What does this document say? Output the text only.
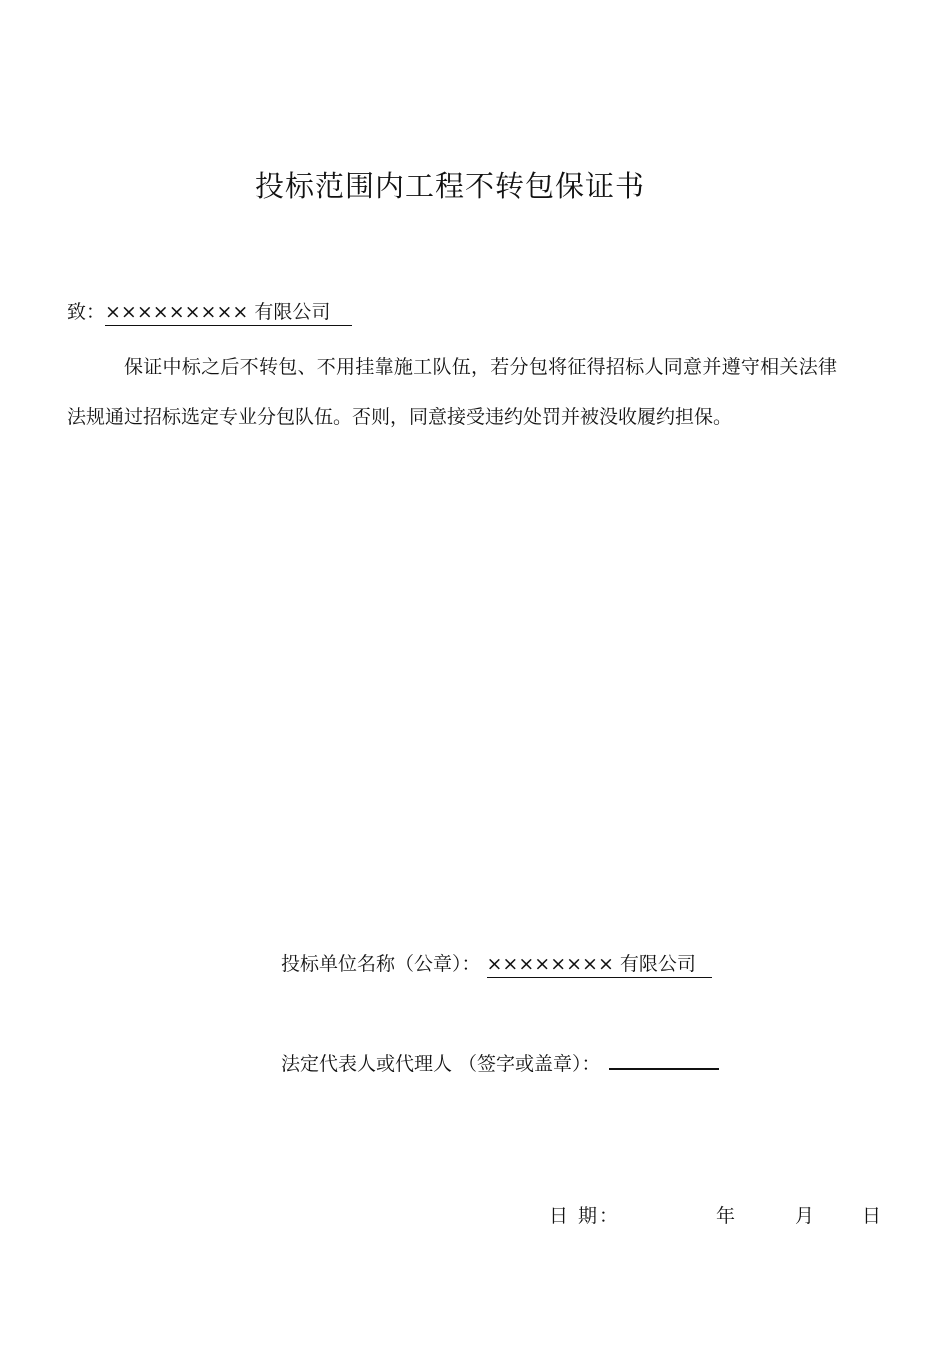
投标范围内工程不转包保证书
致：××××××××× 有限公司
保证中标之后不转包、不用挂靠施工队伍，若分包将征得招标人同意并遵守相关法律法规通过招标选定专业分包队伍。否则，同意接受违约处罚并被没收履约担保。
投标单位名称（公章）： ×××××××× 有限公司
法定代表人或代理人 （签字或盖章）：
日 期：	年	月	日
